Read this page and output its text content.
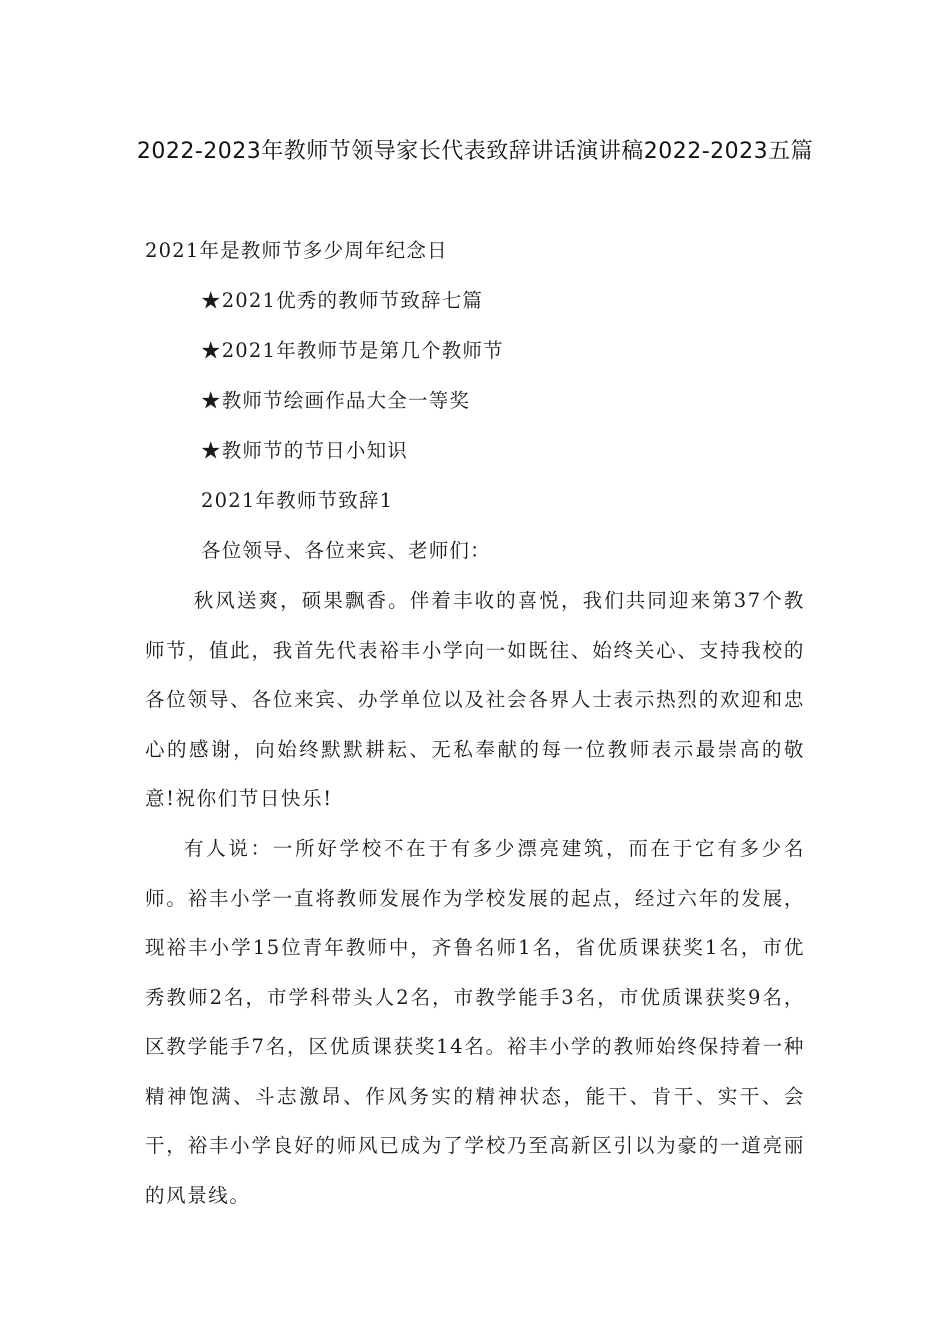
2022-2023年教师节领导家长代表致辞讲话演讲稿2022-2023五篇
2021年是教师节多少周年纪念日
★2021优秀的教师节致辞七篇
★2021年教师节是第几个教师节
★教师节绘画作品大全一等奖
★教师节的节日小知识
2021年教师节致辞1
各位领导、各位来宾、老师们：
秋风送爽，硕果飘香。伴着丰收的喜悦，我们共同迎来第37个教师节，值此，我首先代表裕丰小学向一如既往、始终关心、支持我校的各位领导、各位来宾、办学单位以及社会各界人士表示热烈的欢迎和忠心的感谢，向始终默默耕耘、无私奉献的每一位教师表示最崇高的敬意!祝你们节日快乐!
有人说：一所好学校不在于有多少漂亮建筑，而在于它有多少名师。裕丰小学一直将教师发展作为学校发展的起点，经过六年的发展，现裕丰小学15位青年教师中，齐鲁名师1名，省优质课获奖1名，市优秀教师2名，市学科带头人2名，市教学能手3名，市优质课获奖9名，区教学能手7名，区优质课获奖14名。裕丰小学的教师始终保持着一种精神饱满、斗志激昂、作风务实的精神状态，能干、肯干、实干、会干，裕丰小学良好的师风已成为了学校乃至高新区引以为豪的一道亮丽的风景线。
